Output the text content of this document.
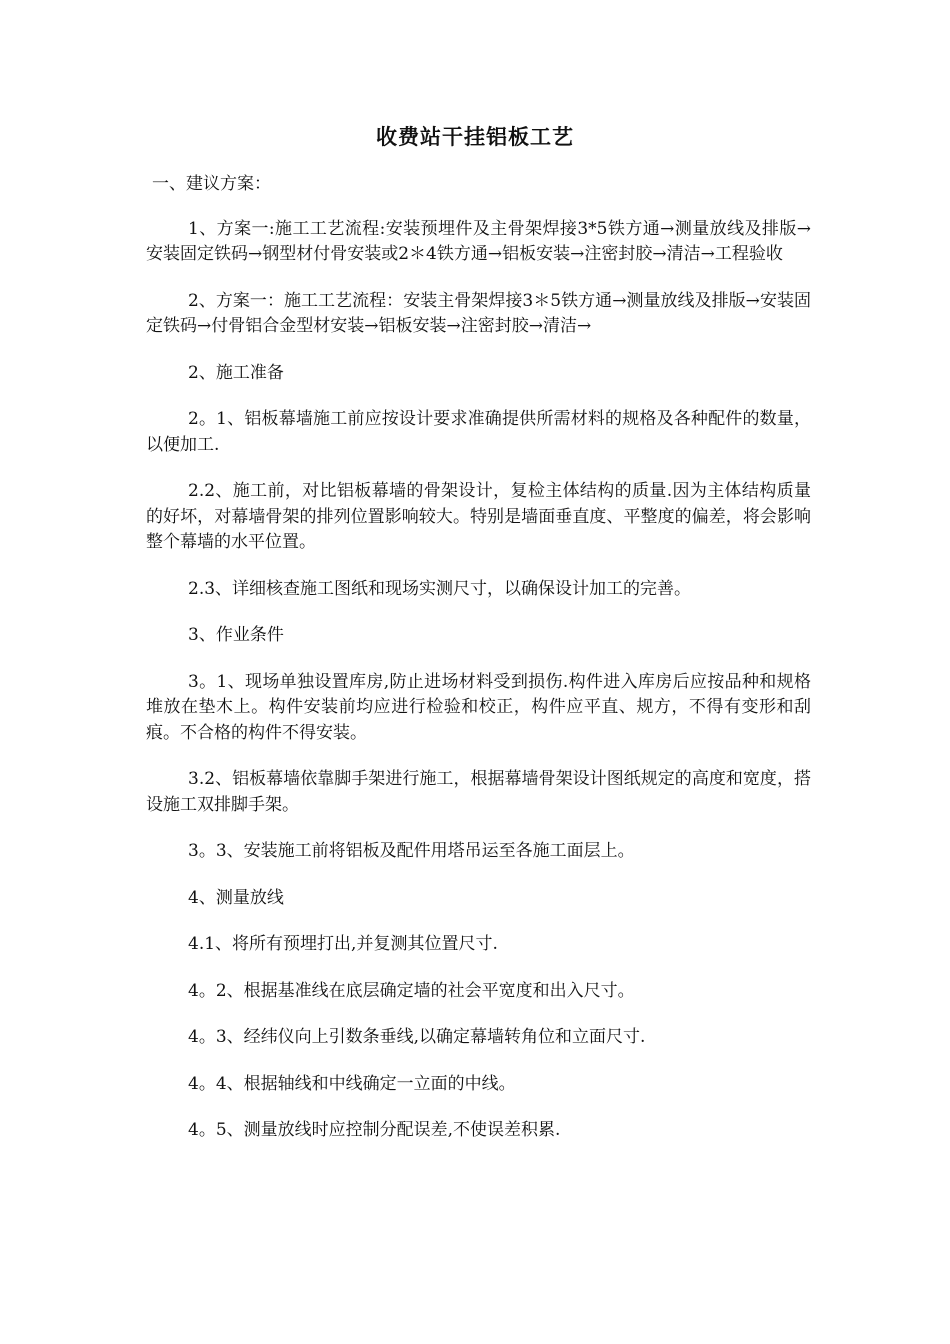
收费站干挂铝板工艺

一、建议方案：

1、方案一:施工工艺流程:安装预埋件及主骨架焊接3*5铁方通→测量放线及排版→安装固定铁码→钢型材付骨安装或2＊4铁方通→铝板安装→注密封胶→清洁→工程验收

2、方案一：施工工艺流程：安装主骨架焊接3＊5铁方通→测量放线及排版→安装固定铁码→付骨铝合金型材安装→铝板安装→注密封胶→清洁→

2、施工准备

2。1、铝板幕墙施工前应按设计要求准确提供所需材料的规格及各种配件的数量，以便加工.

2.2、施工前，对比铝板幕墙的骨架设计，复检主体结构的质量.因为主体结构质量的好坏，对幕墙骨架的排列位置影响较大。特别是墙面垂直度、平整度的偏差，将会影响整个幕墙的水平位置。

2.3、详细核查施工图纸和现场实测尺寸，以确保设计加工的完善。

3、作业条件

3。1、现场单独设置库房,防止进场材料受到损伤.构件进入库房后应按品种和规格堆放在垫木上。构件安装前均应进行检验和校正，构件应平直、规方，不得有变形和刮痕。不合格的构件不得安装。

3.2、铝板幕墙依靠脚手架进行施工，根据幕墙骨架设计图纸规定的高度和宽度，搭设施工双排脚手架。

3。3、安装施工前将铝板及配件用塔吊运至各施工面层上。

4、测量放线

4.1、将所有预埋打出,并复测其位置尺寸.

4。2、根据基准线在底层确定墙的社会平宽度和出入尺寸。

4。3、经纬仪向上引数条垂线,以确定幕墙转角位和立面尺寸.

4。4、根据轴线和中线确定一立面的中线。

4。5、测量放线时应控制分配误差,不使误差积累.
